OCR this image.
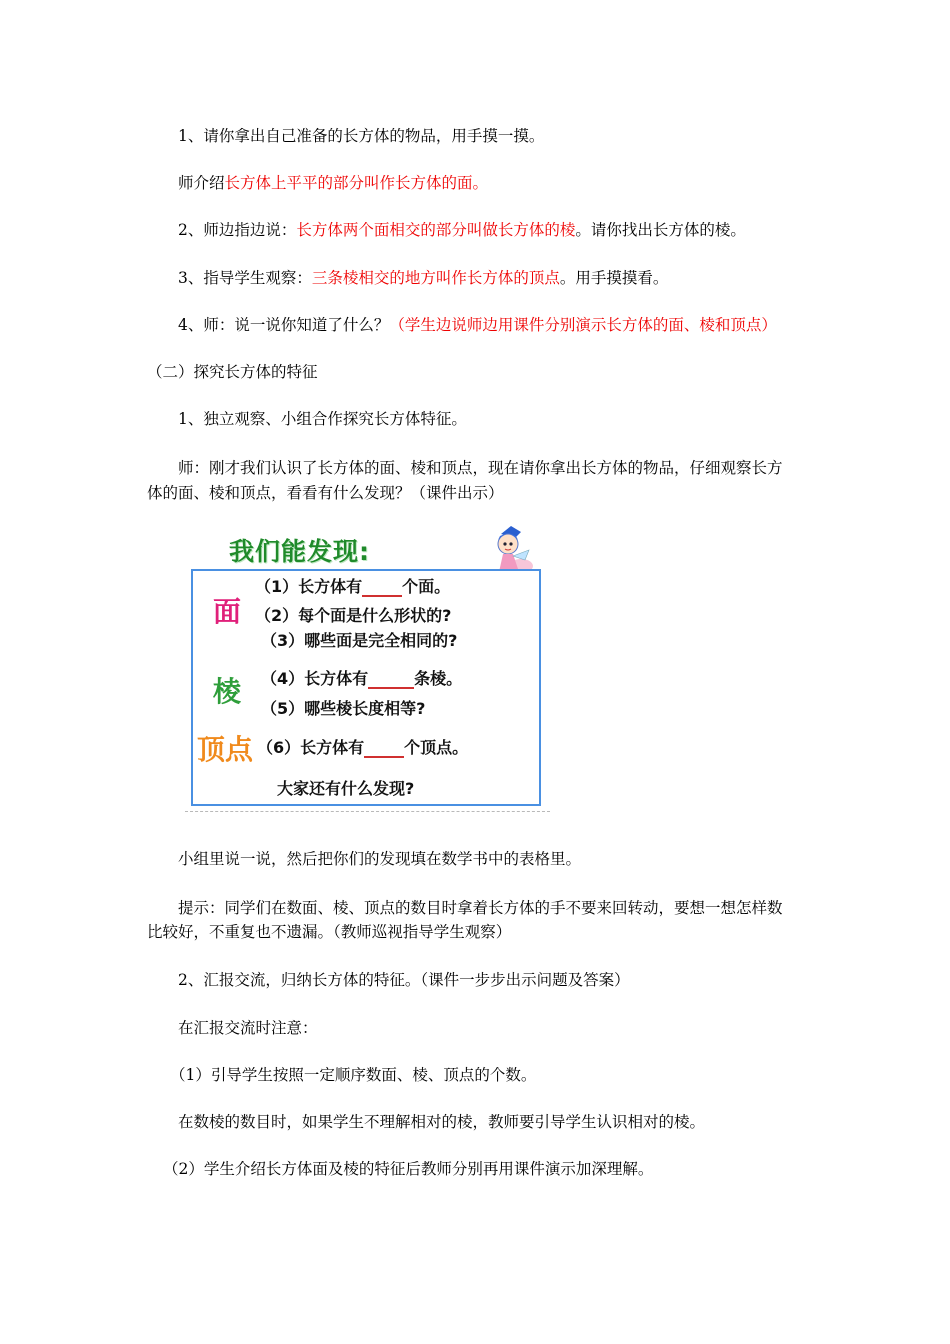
1、请你拿出自己准备的长方体的物品，用手摸一摸。
师介绍长方体上平平的部分叫作长方体的面。
2、师边指边说：长方体两个面相交的部分叫做长方体的棱。请你找出长方体的棱。
3、指导学生观察：三条棱相交的地方叫作长方体的顶点。用手摸摸看。
4、师：说一说你知道了什么？（学生边说师边用课件分别演示长方体的面、棱和顶点）
（二）探究长方体的特征
1、独立观察、小组合作探究长方体特征。
师：刚才我们认识了长方体的面、棱和顶点，现在请你拿出长方体的物品，仔细观察长方
体的面、棱和顶点，看看有什么发现？（课件出示）
我们能发现:
面
棱
顶点
（1）长方体有	个面。
（2）每个面是什么形状的?
（3）哪些面是完全相同的?
（4）长方体有	条棱。
（5）哪些棱长度相等?
（6）长方体有	个顶点。
大家还有什么发现?
小组里说一说，然后把你们的发现填在数学书中的表格里。
提示：同学们在数面、棱、顶点的数目时拿着长方体的手不要来回转动，要想一想怎样数
比较好，不重复也不遗漏。（教师巡视指导学生观察）
2、汇报交流，归纳长方体的特征。（课件一步步出示问题及答案）
在汇报交流时注意：
（1）引导学生按照一定顺序数面、棱、顶点的个数。
在数棱的数目时，如果学生不理解相对的棱，教师要引导学生认识相对的棱。
（2）学生介绍长方体面及棱的特征后教师分别再用课件演示加深理解。
